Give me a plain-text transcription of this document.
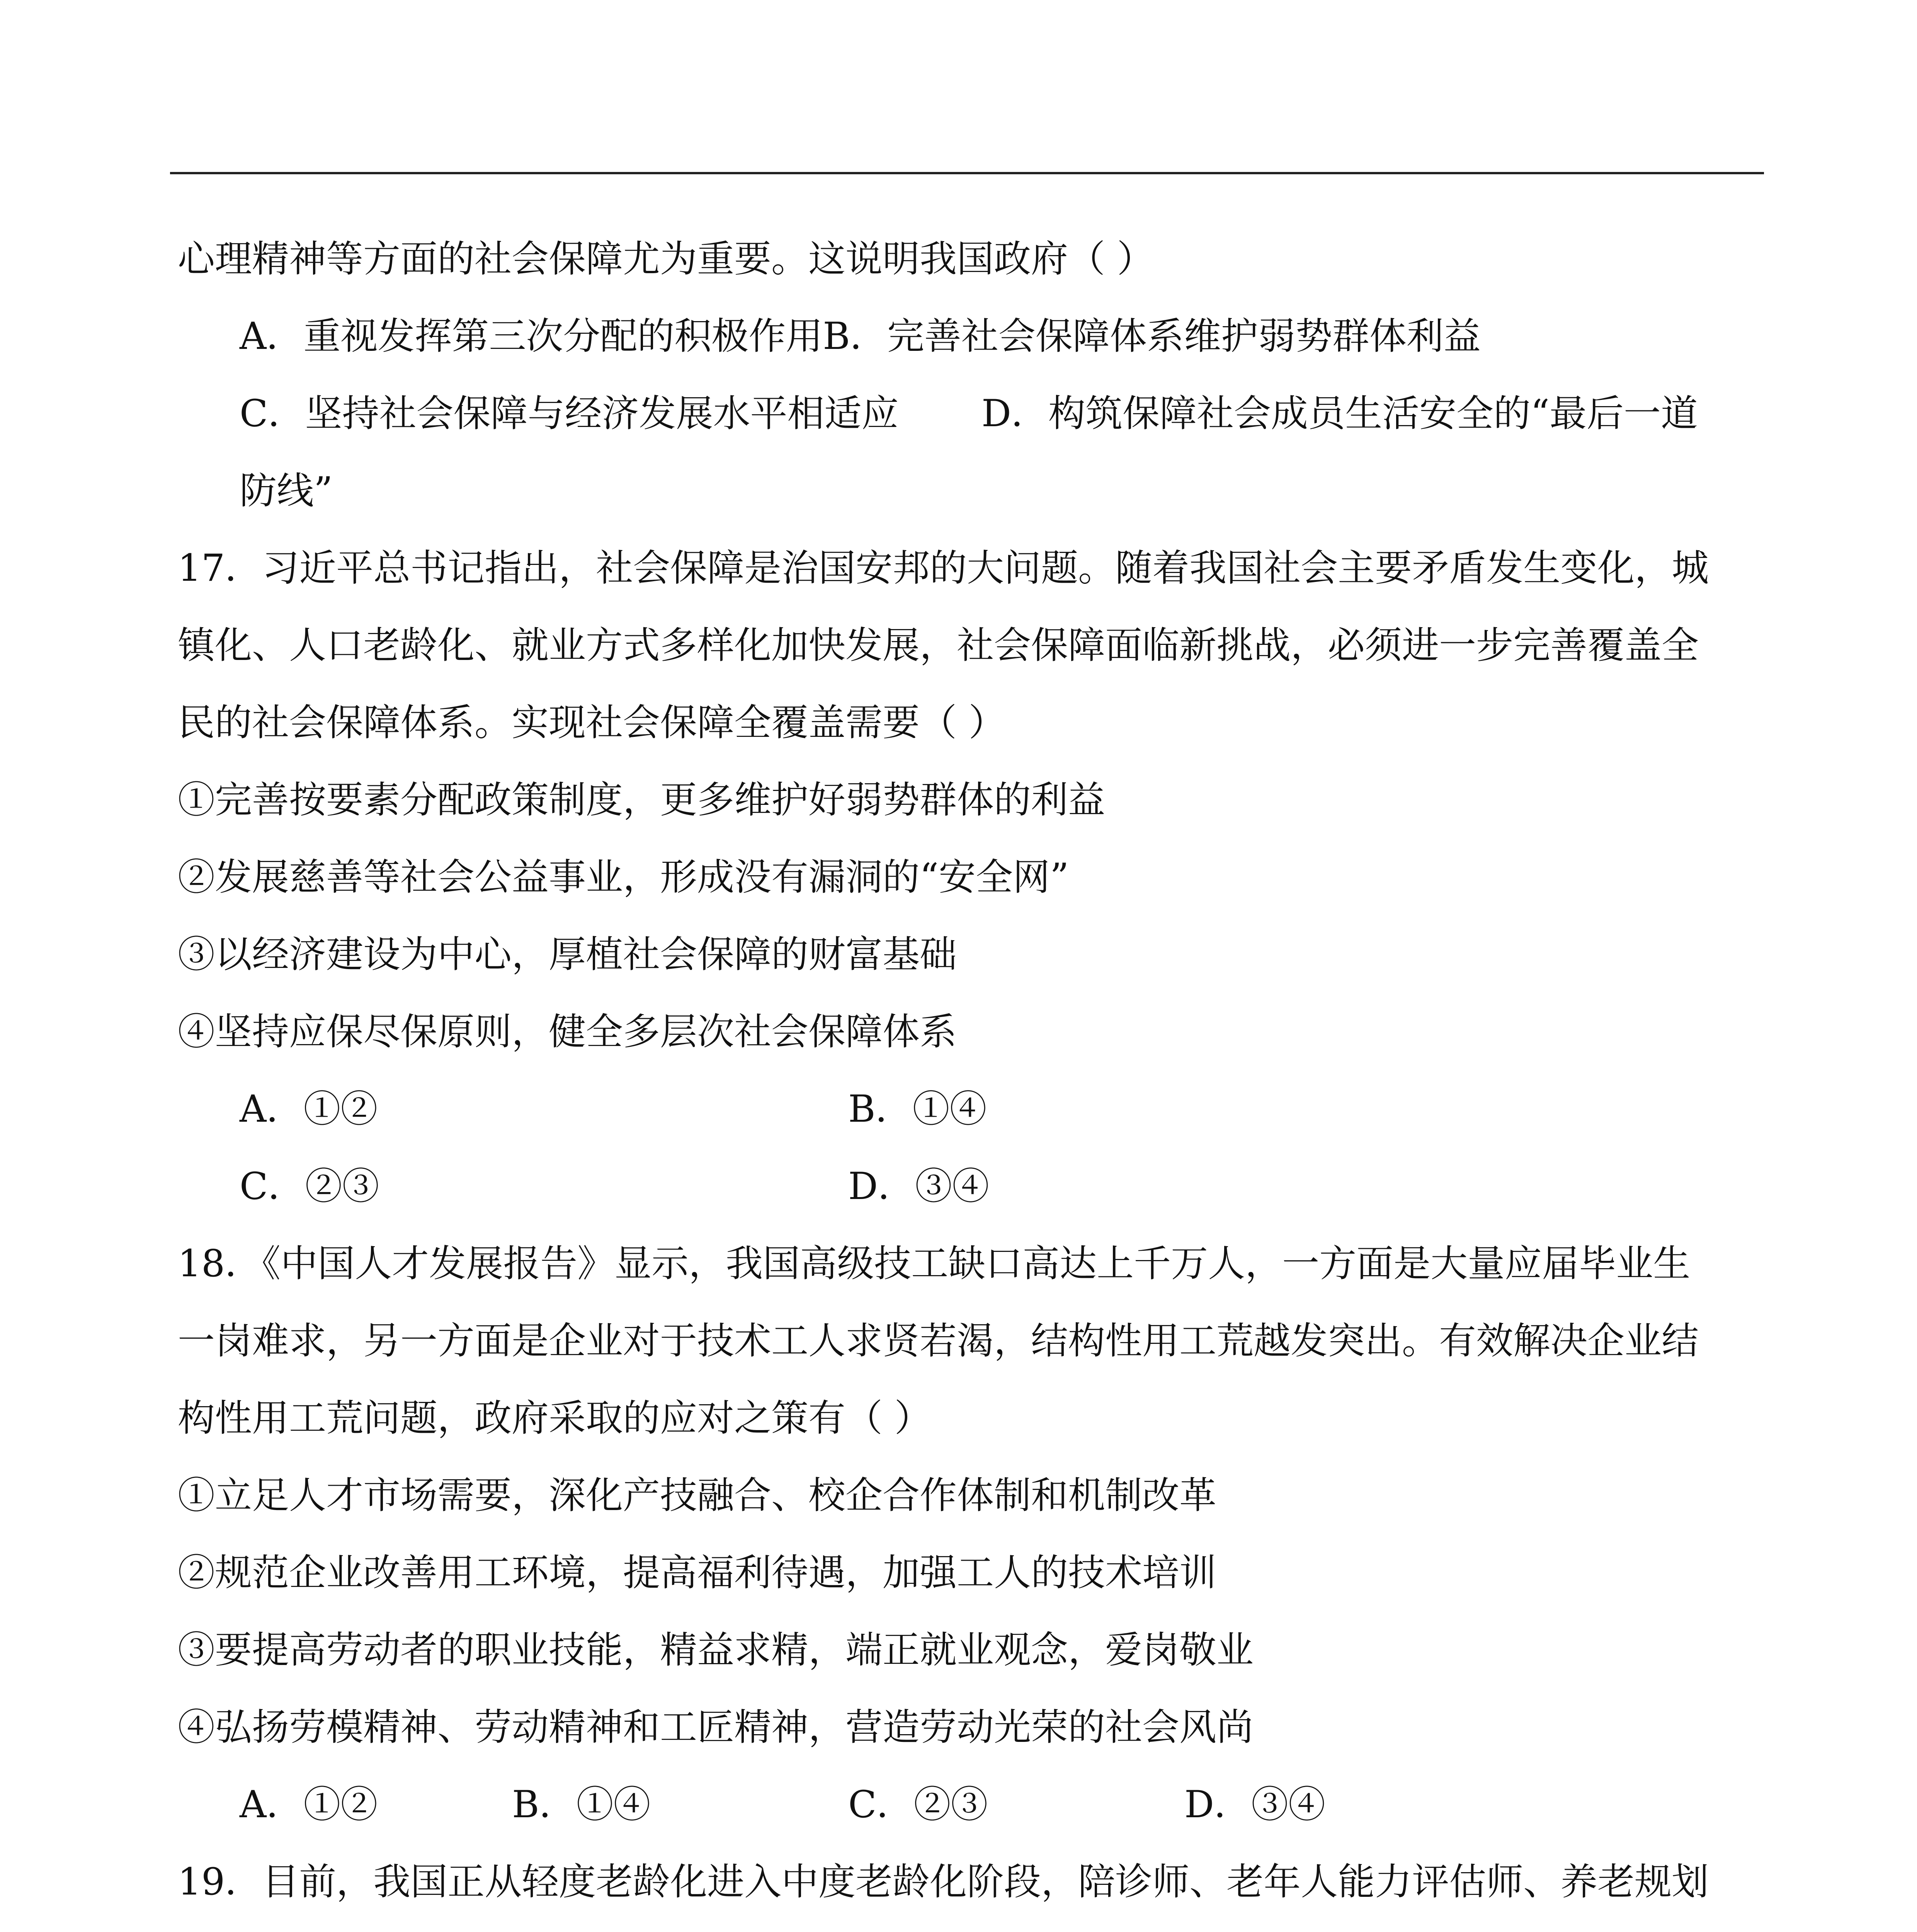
心理精神等方面的社会保障尤为重要。这说明我国政府（ ）
A．重视发挥第三次分配的积极作用B．完善社会保障体系维护弱势群体利益
C．坚持社会保障与经济发展水平相适应	D．构筑保障社会成员生活安全的“最后一道
防线”
17．习近平总书记指出，社会保障是治国安邦的大问题。随着我国社会主要矛盾发生变化，城
镇化、人口老龄化、就业方式多样化加快发展，社会保障面临新挑战，必须进一步完善覆盖全
民的社会保障体系。实现社会保障全覆盖需要（ ）
①完善按要素分配政策制度，更多维护好弱势群体的利益
②发展慈善等社会公益事业，形成没有漏洞的“安全网”
③以经济建设为中心，厚植社会保障的财富基础
④坚持应保尽保原则，健全多层次社会保障体系
A．①②	B．①④
C．②③	D．③④
18．《中国人才发展报告》显示，我国高级技工缺口高达上千万人，一方面是大量应届毕业生
一岗难求，另一方面是企业对于技术工人求贤若渴，结构性用工荒越发突出。有效解决企业结
构性用工荒问题，政府采取的应对之策有（ ）
①立足人才市场需要，深化产技融合、校企合作体制和机制改革
②规范企业改善用工环境，提高福利待遇，加强工人的技术培训
③要提高劳动者的职业技能，精益求精，端正就业观念，爱岗敬业
④弘扬劳模精神、劳动精神和工匠精神，营造劳动光荣的社会风尚
A．①②	B．①④	C．②③	D．③④
19．目前，我国正从轻度老龄化进入中度老龄化阶段，陪诊师、老年人能力评估师、养老规划
